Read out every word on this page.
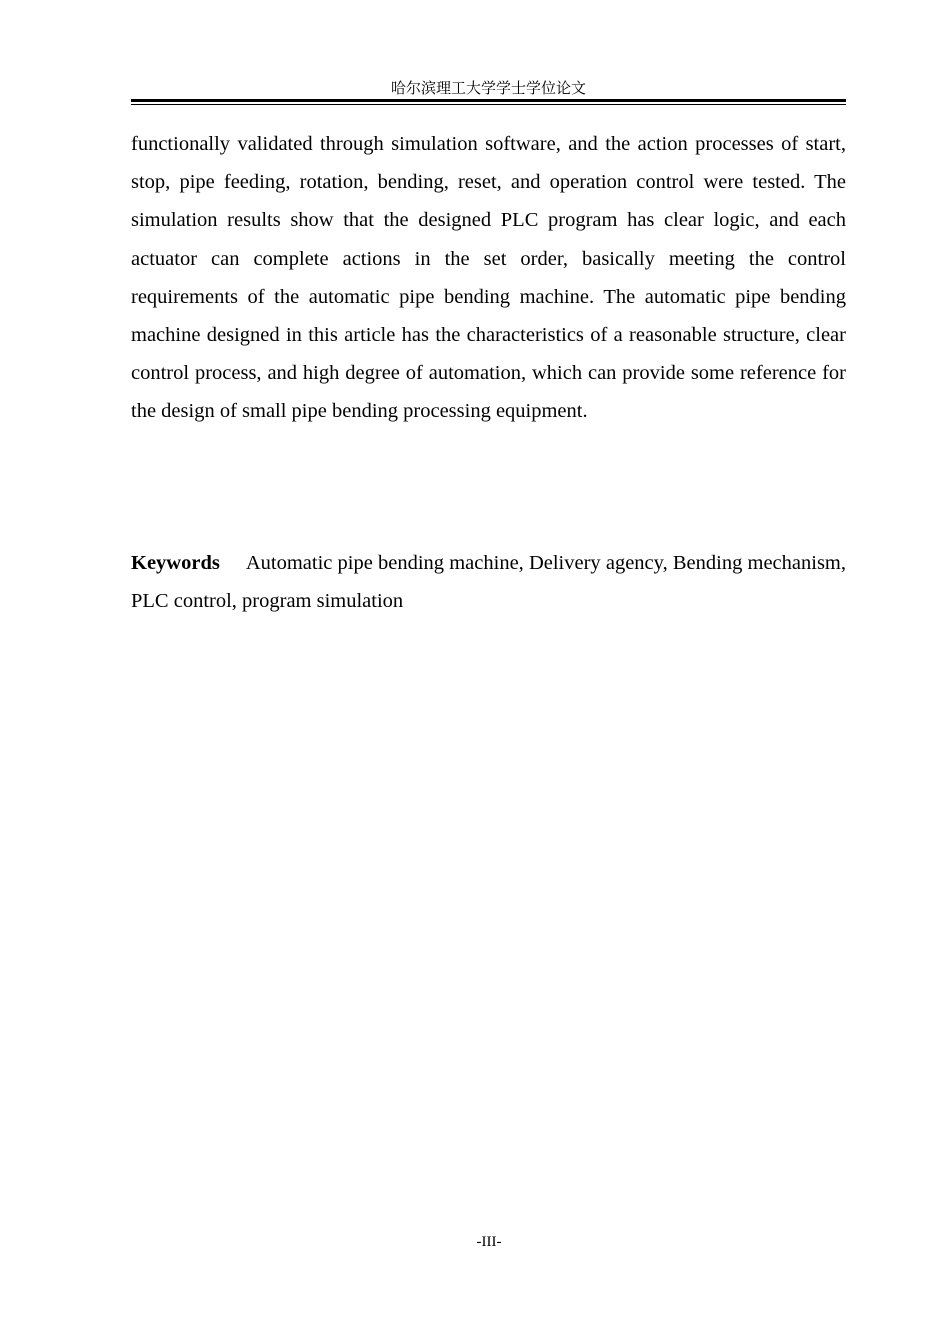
哈尔滨理工大学学士学位论文

functionally validated through simulation software, and the action processes of start, stop, pipe feeding, rotation, bending, reset, and operation control were tested. The simulation results show that the designed PLC program has clear logic, and each actuator can complete actions in the set order, basically meeting the control requirements of the automatic pipe bending machine. The automatic pipe bending machine designed in this article has the characteristics of a reasonable structure, clear control process, and high degree of automation, which can provide some reference for the design of small pipe bending processing equipment.

Keywords Automatic pipe bending machine, Delivery agency, Bending mechanism, PLC control, program simulation

-III-
